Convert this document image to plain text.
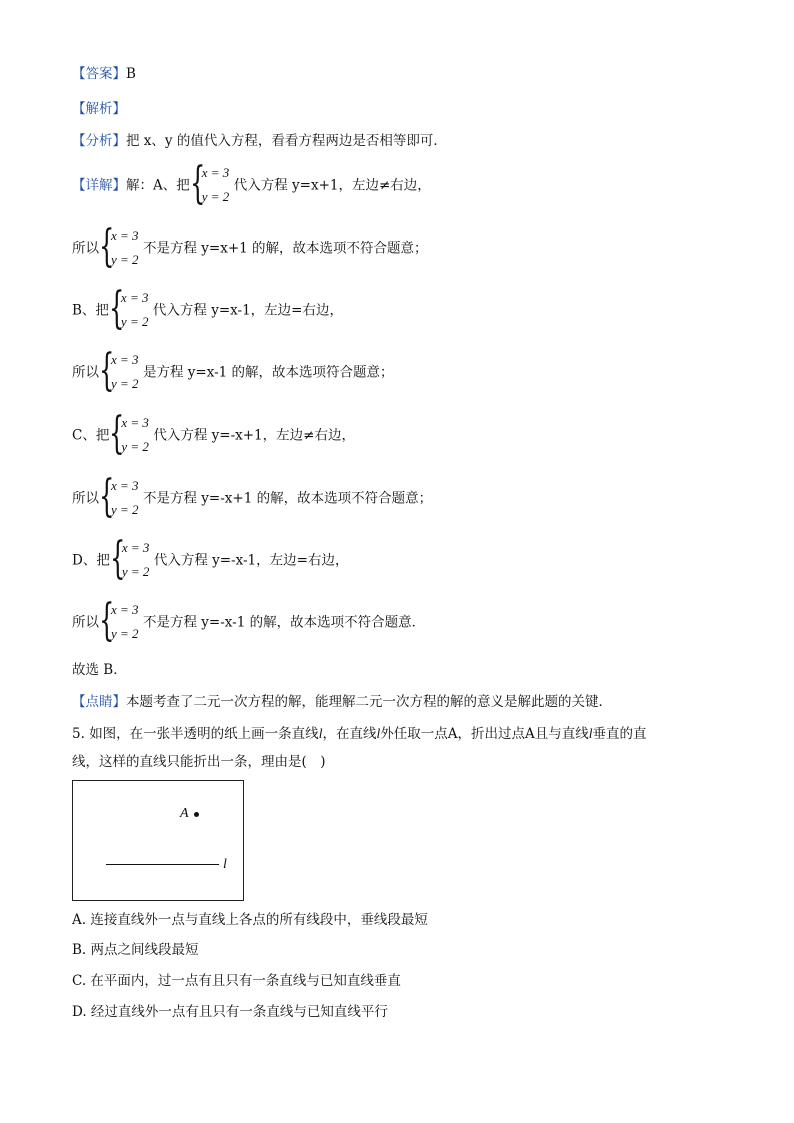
【答案】B
【解析】
【分析】把 x、y 的值代入方程，看看方程两边是否相等即可．
【详解】解：A、把 {
x = 3
y = 2
代入方程 y=x+1，左边≠右边，
所以 {
x = 3
y = 2
不是方程 y=x+1 的解，故本选项不符合题意；
B、把 {
x = 3
y = 2
代入方程 y=x-1，左边=右边，
所以 {
x = 3
y = 2
是方程 y=x-1 的解，故本选项符合题意；
C、把 {
x = 3
y = 2
代入方程 y=-x+1，左边≠右边，
所以 {
x = 3
y = 2
不是方程 y=-x+1 的解，故本选项不符合题意；
D、把 {
x = 3
y = 2
代入方程 y=-x-1，左边=右边，
所以 {
x = 3
y = 2
不是方程 y=-x-1 的解，故本选项不符合题意．
故选 B．
【点睛】本题考查了二元一次方程的解，能理解二元一次方程的解的意义是解此题的关键．
5. 如图，在一张半透明的纸上画一条直线l，在直线l外任取一点A，折出过点A且与直线l垂直的直
线，这样的直线只能折出一条，理由是(　)
A
l
A. 连接直线外一点与直线上各点的所有线段中，垂线段最短
B. 两点之间线段最短
C. 在平面内，过一点有且只有一条直线与已知直线垂直
D. 经过直线外一点有且只有一条直线与已知直线平行
